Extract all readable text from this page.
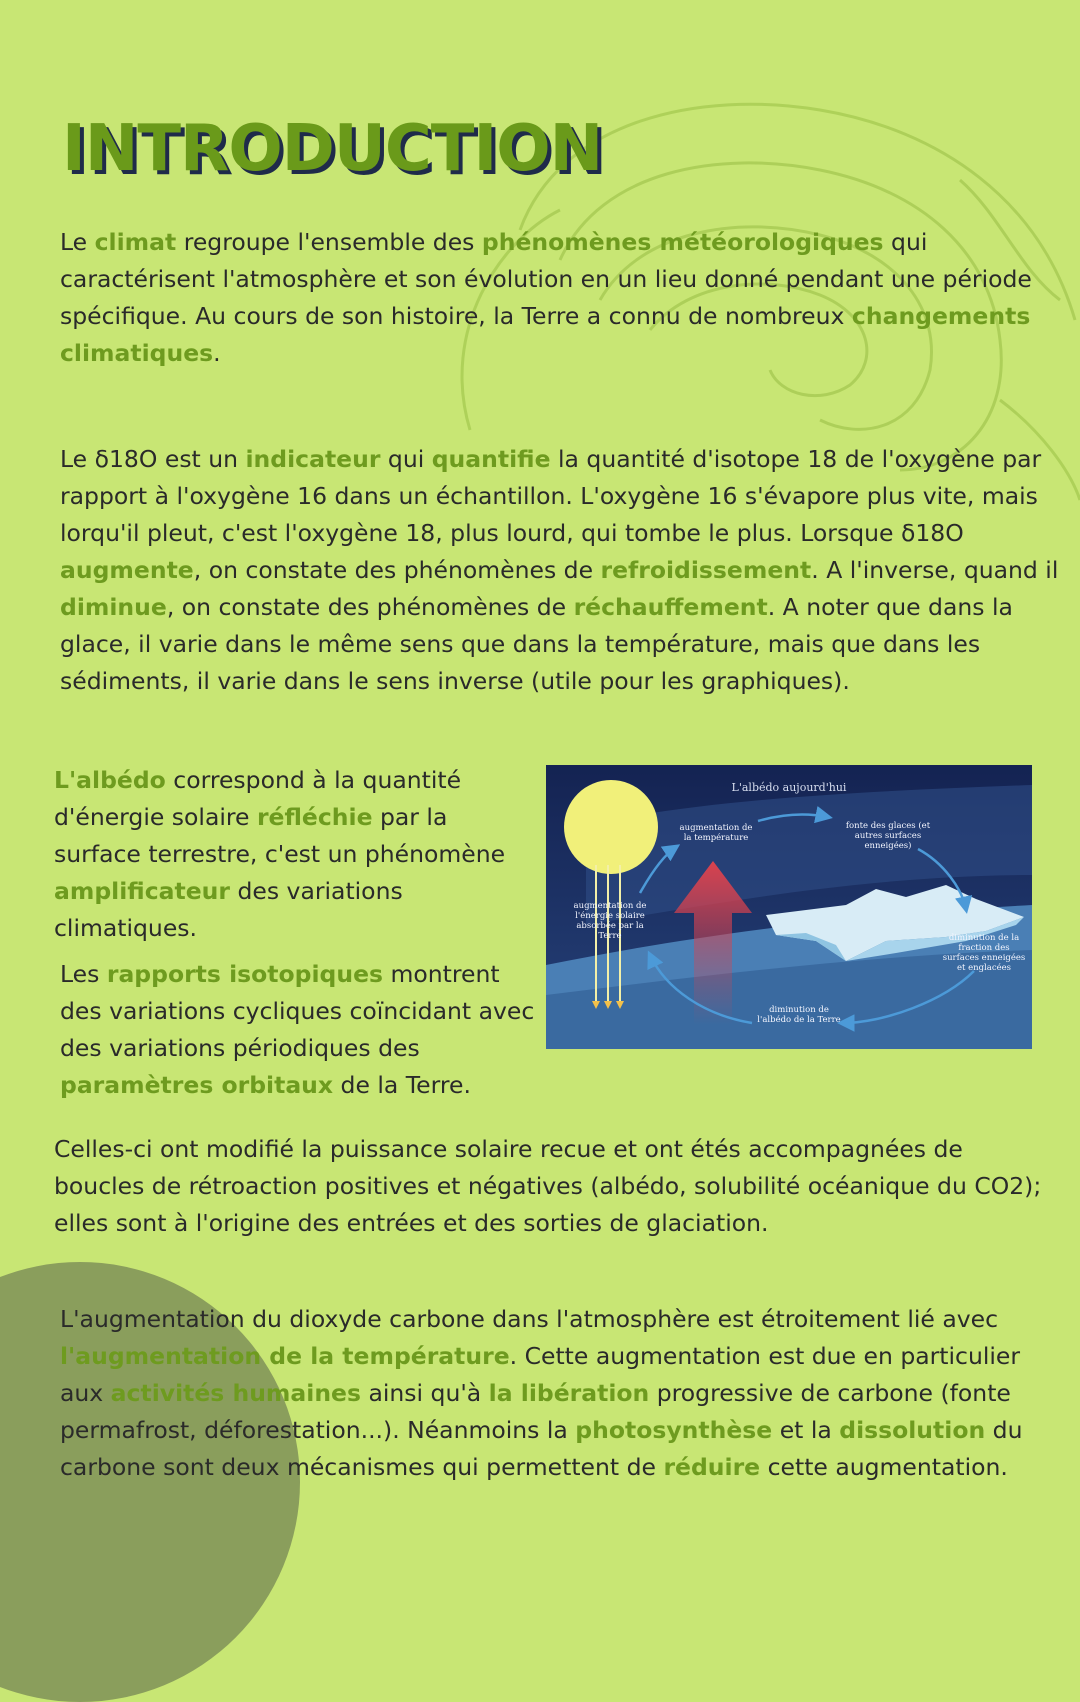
INTRODUCTION

Le climat regroupe l'ensemble des phénomènes météorologiques qui caractérisent l'atmosphère et son évolution en un lieu donné pendant une période spécifique. Au cours de son histoire, la Terre a connu de nombreux changements climatiques.

Le δ18O est un indicateur qui quantifie la quantité d'isotope 18 de l'oxygène par rapport à l'oxygène 16 dans un échantillon. L'oxygène 16 s'évapore plus vite, mais lorqu'il pleut, c'est l'oxygène 18, plus lourd, qui tombe le plus. Lorsque δ18O augmente, on constate des phénomènes de refroidissement. A l'inverse, quand il diminue, on constate des phénomènes de réchauffement. A noter que dans la glace, il varie dans le même sens que dans la température, mais que dans les sédiments, il varie dans le sens inverse (utile pour les graphiques).

L'albédo correspond à la quantité d'énergie solaire réfléchie par la surface terrestre, c'est un phénomène amplificateur des variations climatiques.

Les rapports isotopiques montrent des variations cycliques coïncidant avec des variations périodiques des paramètres orbitaux de la Terre.

Celles-ci ont modifié la puissance solaire recue et ont étés accompagnées de boucles de rétroaction positives et négatives (albédo, solubilité océanique du CO2); elles sont à l'origine des entrées et des sorties de glaciation.

L'augmentation du dioxyde carbone dans l'atmosphère est étroitement lié avec l'augmentation de la température. Cette augmentation est due en particulier aux activités humaines ainsi qu'à la libération progressive de carbone (fonte permafrost, déforestation...). Néanmoins la photosynthèse et la dissolution du carbone sont deux mécanismes qui permettent de réduire cette augmentation.

L'albédo aujourd'hui
augmentation de la température
fonte des glaces (et autres surfaces enneigées)
diminution de la fraction des surfaces enneigées et englacées
diminution de l'albédo de la Terre
augmentation de l'énergie solaire absorbée par la Terre
